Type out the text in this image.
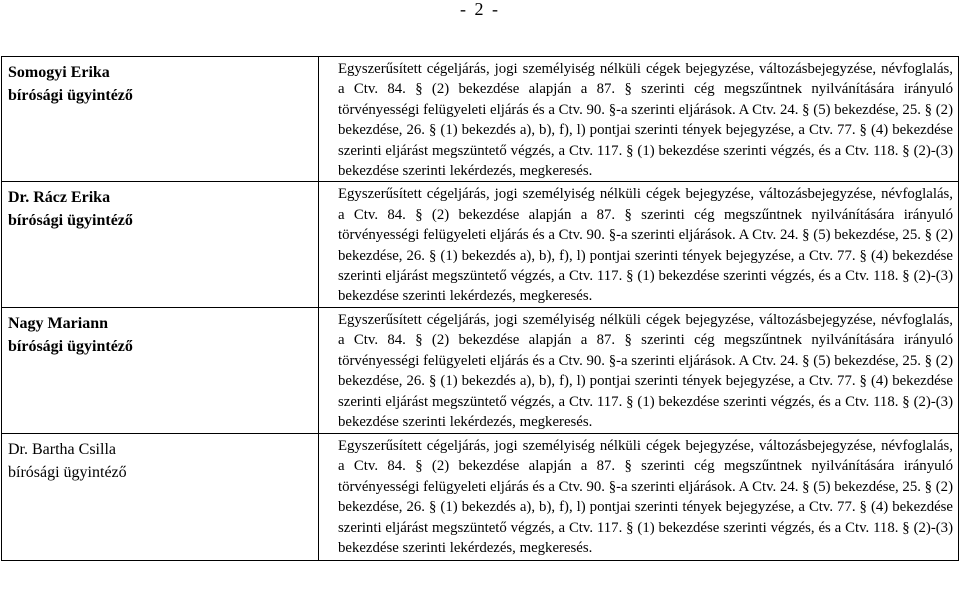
- 2 -
Somogyi Erika
bírósági ügyintéző	Egyszerűsített cégeljárás, jogi személyiség nélküli cégek bejegyzése, változásbejegyzése, névfoglalás, a Ctv. 84. § (2) bekezdése alapján a 87. § szerinti cég megszűntnek nyilvánítására irányuló törvényességi felügyeleti eljárás és a Ctv. 90. §-a szerinti eljárások. A Ctv. 24. § (5) bekezdése, 25. § (2) bekezdése, 26. § (1) bekezdés a), b), f), l) pontjai szerinti tények bejegyzése, a Ctv. 77. § (4) bekezdése szerinti eljárást megszüntető végzés, a Ctv. 117. § (1) bekezdése szerinti végzés, és a Ctv. 118. § (2)-(3) bekezdése szerinti lekérdezés, megkeresés.

Dr. Rácz Erika
bírósági ügyintéző	Egyszerűsített cégeljárás, jogi személyiség nélküli cégek bejegyzése, változásbejegyzése, névfoglalás, a Ctv. 84. § (2) bekezdése alapján a 87. § szerinti cég megszűntnek nyilvánítására irányuló törvényességi felügyeleti eljárás és a Ctv. 90. §-a szerinti eljárások. A Ctv. 24. § (5) bekezdése, 25. § (2) bekezdése, 26. § (1) bekezdés a), b), f), l) pontjai szerinti tények bejegyzése, a Ctv. 77. § (4) bekezdése szerinti eljárást megszüntető végzés, a Ctv. 117. § (1) bekezdése szerinti végzés, és a Ctv. 118. § (2)-(3) bekezdése szerinti lekérdezés, megkeresés.

Nagy Mariann
bírósági ügyintéző	Egyszerűsített cégeljárás, jogi személyiség nélküli cégek bejegyzése, változásbejegyzése, névfoglalás, a Ctv. 84. § (2) bekezdése alapján a 87. § szerinti cég megszűntnek nyilvánítására irányuló törvényességi felügyeleti eljárás és a Ctv. 90. §-a szerinti eljárások. A Ctv. 24. § (5) bekezdése, 25. § (2) bekezdése, 26. § (1) bekezdés a), b), f), l) pontjai szerinti tények bejegyzése, a Ctv. 77. § (4) bekezdése szerinti eljárást megszüntető végzés, a Ctv. 117. § (1) bekezdése szerinti végzés, és a Ctv. 118. § (2)-(3) bekezdése szerinti lekérdezés, megkeresés.

Dr. Bartha Csilla
bírósági ügyintéző	Egyszerűsített cégeljárás, jogi személyiség nélküli cégek bejegyzése, változásbejegyzése, névfoglalás, a Ctv. 84. § (2) bekezdése alapján a 87. § szerinti cég megszűntnek nyilvánítására irányuló törvényességi felügyeleti eljárás és a Ctv. 90. §-a szerinti eljárások. A Ctv. 24. § (5) bekezdése, 25. § (2) bekezdése, 26. § (1) bekezdés a), b), f), l) pontjai szerinti tények bejegyzése, a Ctv. 77. § (4) bekezdése szerinti eljárást megszüntető végzés, a Ctv. 117. § (1) bekezdése szerinti végzés, és a Ctv. 118. § (2)-(3) bekezdése szerinti lekérdezés, megkeresés.
